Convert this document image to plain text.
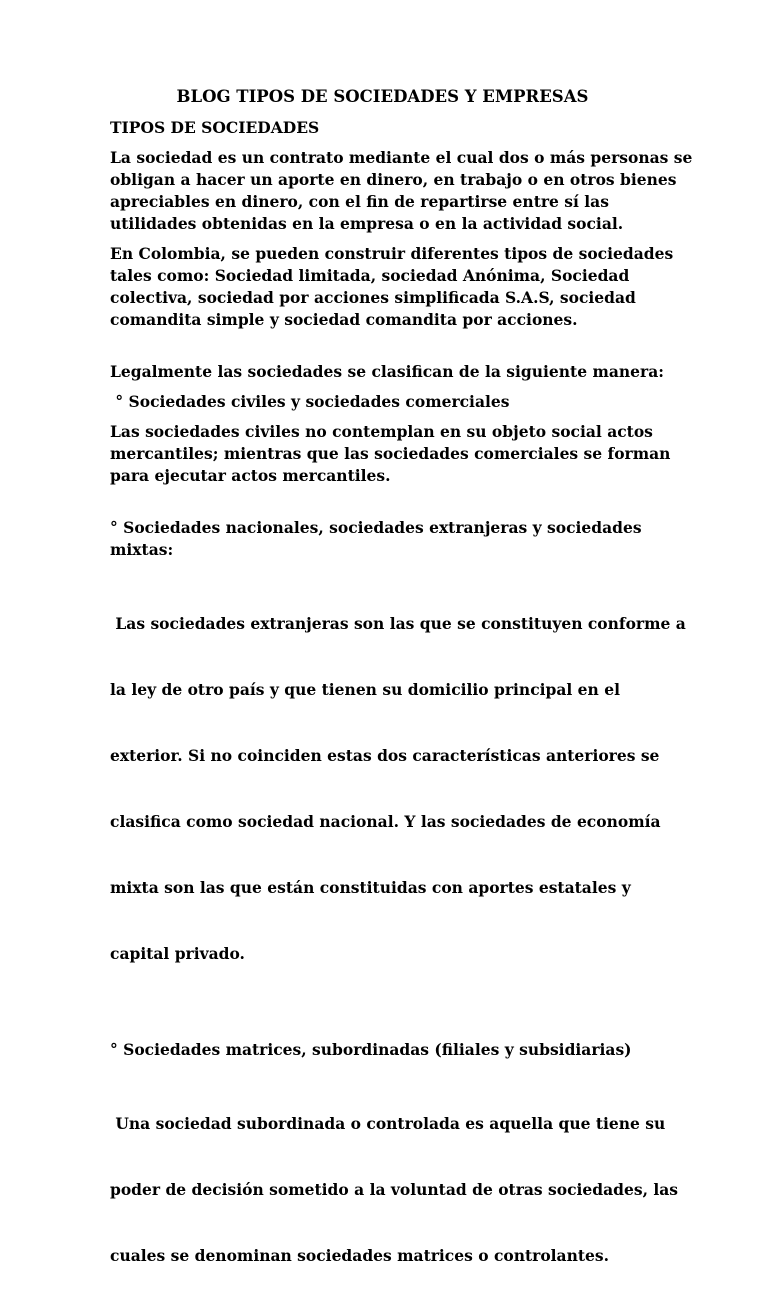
BLOG TIPOS DE SOCIEDADES Y EMPRESAS

TIPOS DE SOCIEDADES

La sociedad es un contrato mediante el cual dos o más personas se
obligan a hacer un aporte en dinero, en trabajo o en otros bienes
apreciables en dinero, con el fin de repartirse entre sí las
utilidades obtenidas en la empresa o en la actividad social.

En Colombia, se pueden construir diferentes tipos de sociedades
tales como: Sociedad limitada, sociedad Anónima, Sociedad
colectiva, sociedad por acciones simplificada S.A.S, sociedad
comandita simple y sociedad comandita por acciones.

Legalmente las sociedades se clasifican de la siguiente manera:

° Sociedades civiles y sociedades comerciales

Las sociedades civiles no contemplan en su objeto social actos
mercantiles; mientras que las sociedades comerciales se forman
para ejecutar actos mercantiles.

° Sociedades nacionales, sociedades extranjeras y sociedades
mixtas:

Las sociedades extranjeras son las que se constituyen conforme a

la ley de otro país y que tienen su domicilio principal en el

exterior. Si no coinciden estas dos características anteriores se

clasifica como sociedad nacional. Y las sociedades de economía

mixta son las que están constituidas con aportes estatales y

capital privado.

° Sociedades matrices, subordinadas (filiales y subsidiarias)

Una sociedad subordinada o controlada es aquella que tiene su

poder de decisión sometido a la voluntad de otras sociedades, las

cuales se denominan sociedades matrices o controlantes.
